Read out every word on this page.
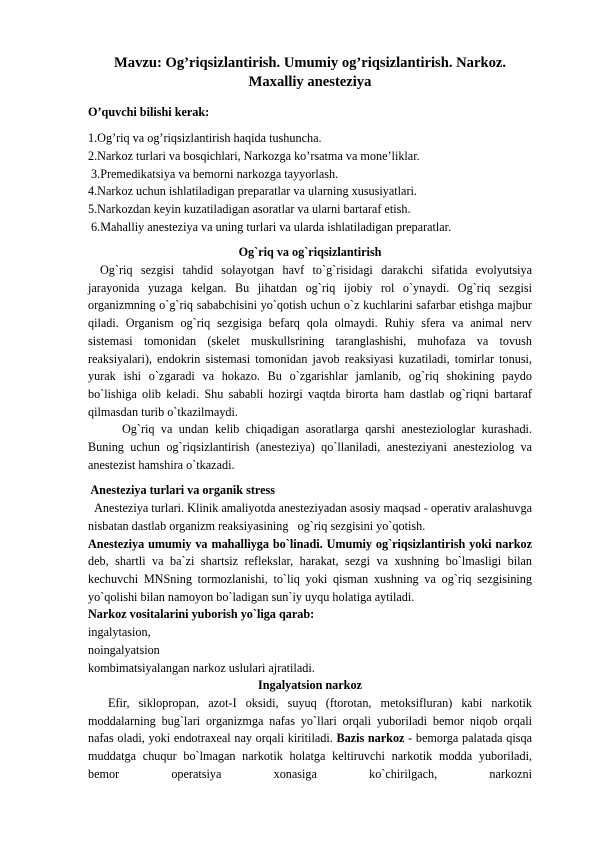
Mavzu: Og’riqsizlantirish. Umumiy og’riqsizlantirish. Narkoz. Maxalliy anesteziya
O’quvchi bilishi kerak:
1.Og’riq va og’riqsizlantirish haqida tushuncha.
2.Narkoz turlari va bosqichlari, Narkozga ko’rsatma va mone’liklar.
3.Premedikatsiya va bemorni narkozga tayyorlash.
4.Narkoz uchun ishlatiladigan preparatlar va ularning xususiyatlari.
5.Narkozdan keyin kuzatiladigan asoratlar va ularni bartaraf etish.
6.Mahalliy anesteziya va uning turlari va ularda ishlatiladigan preparatlar.
Og`riq va og`riqsizlantirish
Og`riq sezgisi tahdid solayotgan havf to`g`risidagi darakchi sifatida evolyutsiya jarayonida yuzaga kelgan. Bu jihatdan og`riq ijobiy rol o`ynaydi. Og`riq sezgisi organizmning o`g`riq sababchisini yo`qotish uchun o`z kuchlarini safarbar etishga majbur qiladi. Organism og`riq sezgisiga befarq qola olmaydi. Ruhiy sfera va animal nerv sistemasi tomonidan (skelet muskullsrining taranglashishi, muhofaza va tovush reaksiyalari), endokrin sistemasi tomonidan javob reaksiyasi kuzatiladi, tomirlar tonusi, yurak ishi o`zgaradi va hokazo. Bu o`zgarishlar jamlanib, og`riq shokining paydo bo`lishiga olib keladi. Shu sababli hozirgi vaqtda birorta ham dastlab og`riqni bartaraf qilmasdan turib o`tkazilmaydi.
Og`riq va undan kelib chiqadigan asoratlarga qarshi anesteziologlar kurashadi. Buning uchun og`riqsizlantirish (anesteziya) qo`llaniladi, anesteziyani anesteziolog va anestezist hamshira o`tkazadi.
Anesteziya turlari va organik stress
Anesteziya turlari. Klinik amaliyotda anesteziyadan asosiy maqsad - operativ aralashuvga nisbatan dastlab organizm reaksiyasining   og`riq sezgisini yo`qotish.
Anesteziya umumiy va mahalliyga bo`linadi. Umumiy og`riqsizlantirish yoki narkoz deb, shartli va ba`zi shartsiz reflekslar, harakat, sezgi va xushning bo`lmasligi bilan kechuvchi MNSning tormozlanishi, to`liq yoki qisman xushning va og`riq sezgisining yo`qolishi bilan namoyon bo`ladigan sun`iy uyqu holatiga aytiladi.
Narkoz vositalarini yuborish yo`liga qarab:
ingalytasion,
noingalyatsion
kombimatsiyalangan narkoz uslulari ajratiladi.
Ingalyatsion narkoz
Efir, siklopropan, azot-I oksidi, suyuq (ftorotan, metoksifluran) kabi narkotik moddalarning bug`lari organizmga nafas yo`llari orqali yuboriladi bemor niqob orqali nafas oladi, yoki endotraxeal nay orqali kiritiladi. Bazis narkoz - bemorga palatada qisqa muddatga chuqur bo`lmagan narkotik holatga keltiruvchi narkotik modda yuboriladi, bemor operatsiya xonasiga ko`chirilgach, narkozni
